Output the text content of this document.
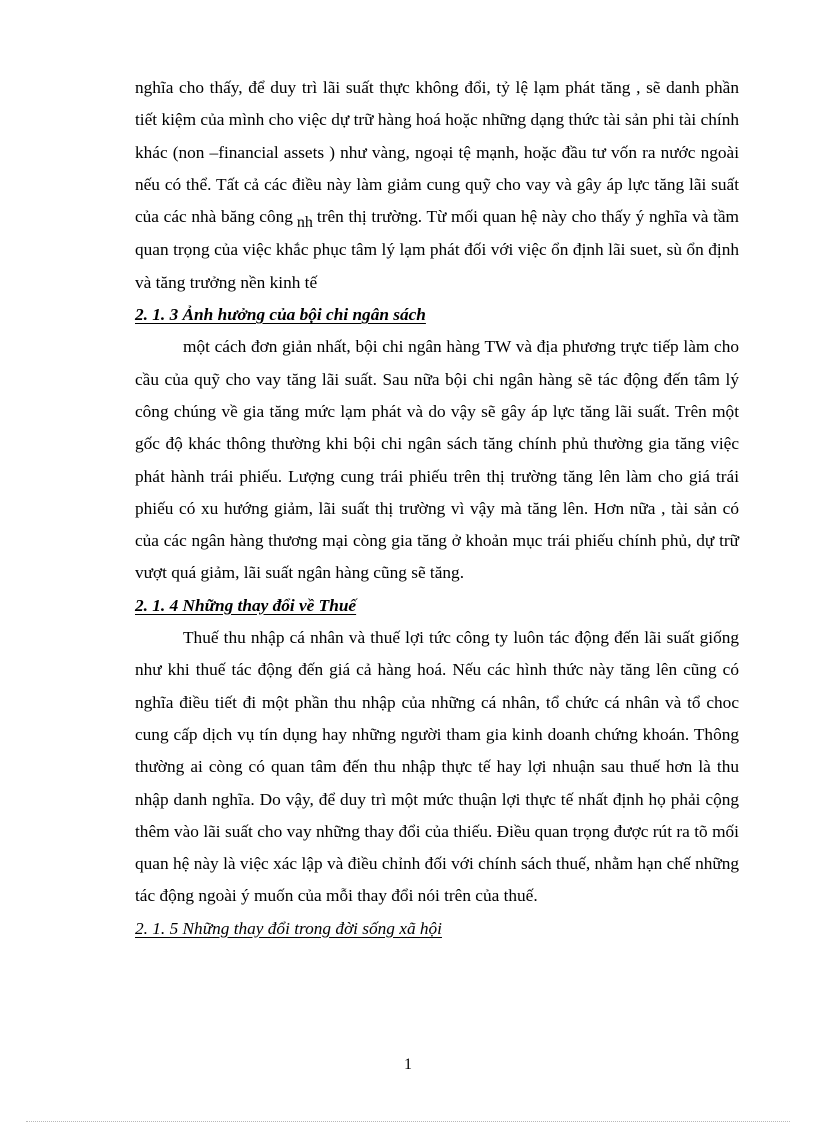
nghĩa cho thấy, để duy trì lãi suất thực không đổi, tỷ lệ lạm phát tăng , sẽ danh phần tiết kiệm của mình cho việc dự trữ hàng hoá hoặc những dạng thức tài sản phi tài chính khác (non –financial assets ) như vàng, ngoại tệ mạnh, hoặc đầu tư vốn ra nước ngoài nếu có thể. Tất cả các điều này làm giảm cung quỹ cho vay và gây áp lực tăng lãi suất của các nhà băng công nh trên thị trường. Từ mối quan hệ này cho thấy ý nghĩa và tầm quan trọng của việc khắc phục tâm lý lạm phát đối với việc ổn định lãi suet, sù ổn định và tăng trưởng nền kinh tế

2. 1. 3 Ảnh hưởng của bội chi ngân sách

một cách đơn giản nhất, bội chi ngân hàng TW và địa phương trực tiếp làm cho cầu của quỹ cho vay tăng lãi suất. Sau nữa bội chi ngân hàng sẽ tác động đến tâm lý công chúng về gia tăng mức lạm phát và do vậy sẽ gây áp lực tăng lãi suất. Trên một gốc độ khác thông thường khi bội chi ngân sách tăng chính phủ thường gia tăng việc phát hành trái phiếu. Lượng cung trái phiếu trên thị trường tăng lên làm cho giá trái phiếu có xu hướng giảm, lãi suất thị trường vì vậy mà tăng lên. Hơn nữa , tài sản có của các ngân hàng thương mại còng gia tăng ở khoản mục trái phiếu chính phủ, dự trữ vượt quá giảm, lãi suất ngân hàng cũng sẽ tăng.

2. 1. 4 Những thay đổi về Thuế

Thuế thu nhập cá nhân và thuế lợi tức công ty luôn tác động đến lãi suất giống như khi thuế tác động đến giá cả hàng hoá. Nếu các hình thức này tăng lên cũng có nghĩa điều tiết đi một phần thu nhập của những cá nhân, tổ chức cá nhân và tổ choc cung cấp dịch vụ tín dụng hay những người tham gia kinh doanh chứng khoán. Thông thường ai còng có quan tâm đến thu nhập thực tế hay lợi nhuận sau thuế hơn là thu nhập danh nghĩa. Do vậy, để duy trì một mức thuận lợi thực tế nhất định họ phải cộng thêm vào lãi suất cho vay những thay đổi của thiếu. Điều quan trọng được rút ra tõ mối quan hệ này là việc xác lập và điều chỉnh đối với chính sách thuế, nhằm hạn chế những tác động ngoài ý muốn của mỗi thay đổi nói trên của thuế.

2. 1. 5 Những thay đổi trong đời sống xã hội

1
